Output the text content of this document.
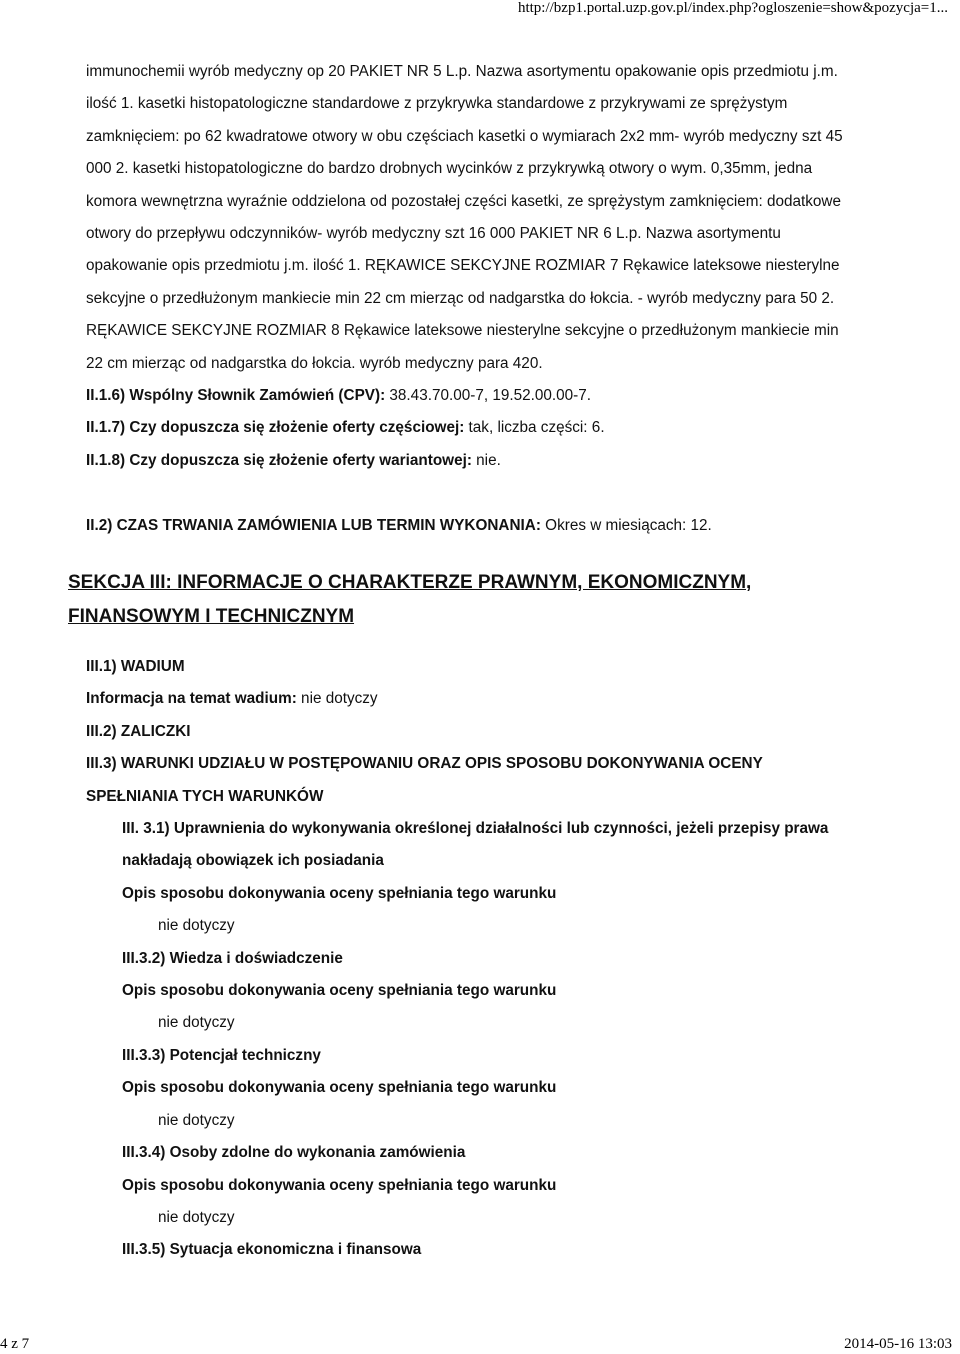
http://bzp1.portal.uzp.gov.pl/index.php?ogloszenie=show&pozycja=1...

immunochemii wyrób medyczny op 20 PAKIET NR 5 L.p. Nazwa asortymentu opakowanie opis przedmiotu j.m.
ilość 1. kasetki histopatologiczne standardowe z przykrywka standardowe z przykrywami ze sprężystym
zamknięciem: po 62 kwadratowe otwory w obu częściach kasetki o wymiarach 2x2 mm- wyrób medyczny szt 45
000 2. kasetki histopatologiczne do bardzo drobnych wycinków z przykrywką otwory o wym. 0,35mm, jedna
komora wewnętrzna wyraźnie oddzielona od pozostałej części kasetki, ze sprężystym zamknięciem: dodatkowe
otwory do przepływu odczynników- wyrób medyczny szt 16 000 PAKIET NR 6 L.p. Nazwa asortymentu
opakowanie opis przedmiotu j.m. ilość 1. RĘKAWICE SEKCYJNE ROZMIAR 7 Rękawice lateksowe niesterylne
sekcyjne o przedłużonym mankiecie min 22 cm mierząc od nadgarstka do łokcia. - wyrób medyczny para 50 2.
RĘKAWICE SEKCYJNE ROZMIAR 8 Rękawice lateksowe niesterylne sekcyjne o przedłużonym mankiecie min
22 cm mierząc od nadgarstka do łokcia. wyrób medyczny para 420.

II.1.6) Wspólny Słownik Zamówień (CPV): 38.43.70.00-7, 19.52.00.00-7.
II.1.7) Czy dopuszcza się złożenie oferty częściowej: tak, liczba części: 6.
II.1.8) Czy dopuszcza się złożenie oferty wariantowej: nie.
II.2) CZAS TRWANIA ZAMÓWIENIA LUB TERMIN WYKONANIA: Okres w miesiącach: 12.
SEKCJA III: INFORMACJE O CHARAKTERZE PRAWNYM, EKONOMICZNYM,
FINANSOWYM I TECHNICZNYM
III.1) WADIUM
Informacja na temat wadium: nie dotyczy
III.2) ZALICZKI
III.3) WARUNKI UDZIAŁU W POSTĘPOWANIU ORAZ OPIS SPOSOBU DOKONYWANIA OCENY
SPEŁNIANIA TYCH WARUNKÓW
III. 3.1) Uprawnienia do wykonywania określonej działalności lub czynności, jeżeli przepisy prawa
nakładają obowiązek ich posiadania
Opis sposobu dokonywania oceny spełniania tego warunku
nie dotyczy
III.3.2) Wiedza i doświadczenie
Opis sposobu dokonywania oceny spełniania tego warunku
nie dotyczy
III.3.3) Potencjał techniczny
Opis sposobu dokonywania oceny spełniania tego warunku
nie dotyczy
III.3.4) Osoby zdolne do wykonania zamówienia
Opis sposobu dokonywania oceny spełniania tego warunku
nie dotyczy
III.3.5) Sytuacja ekonomiczna i finansowa
4 z 7	2014-05-16 13:03
